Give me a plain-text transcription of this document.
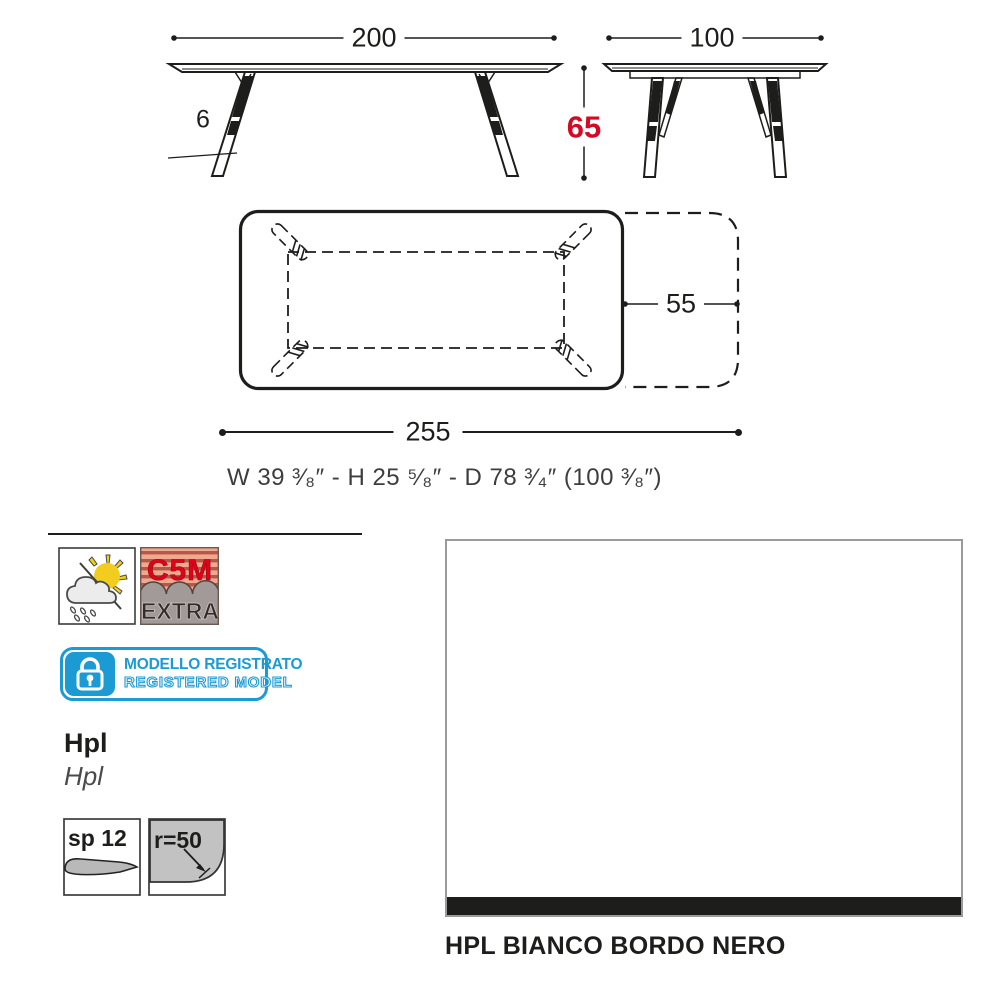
200
6	65
100
55
255
W 39 ³⁄₈″ - H 25 ⁵⁄₈″ - D 78 ³⁄₄″ (100 ³⁄₈″)
C5M
EXTRA
MODELLO REGISTRATO
REGISTERED MODEL
Hpl
Hpl
sp 12 r=50
HPL BIANCO BORDO NERO
